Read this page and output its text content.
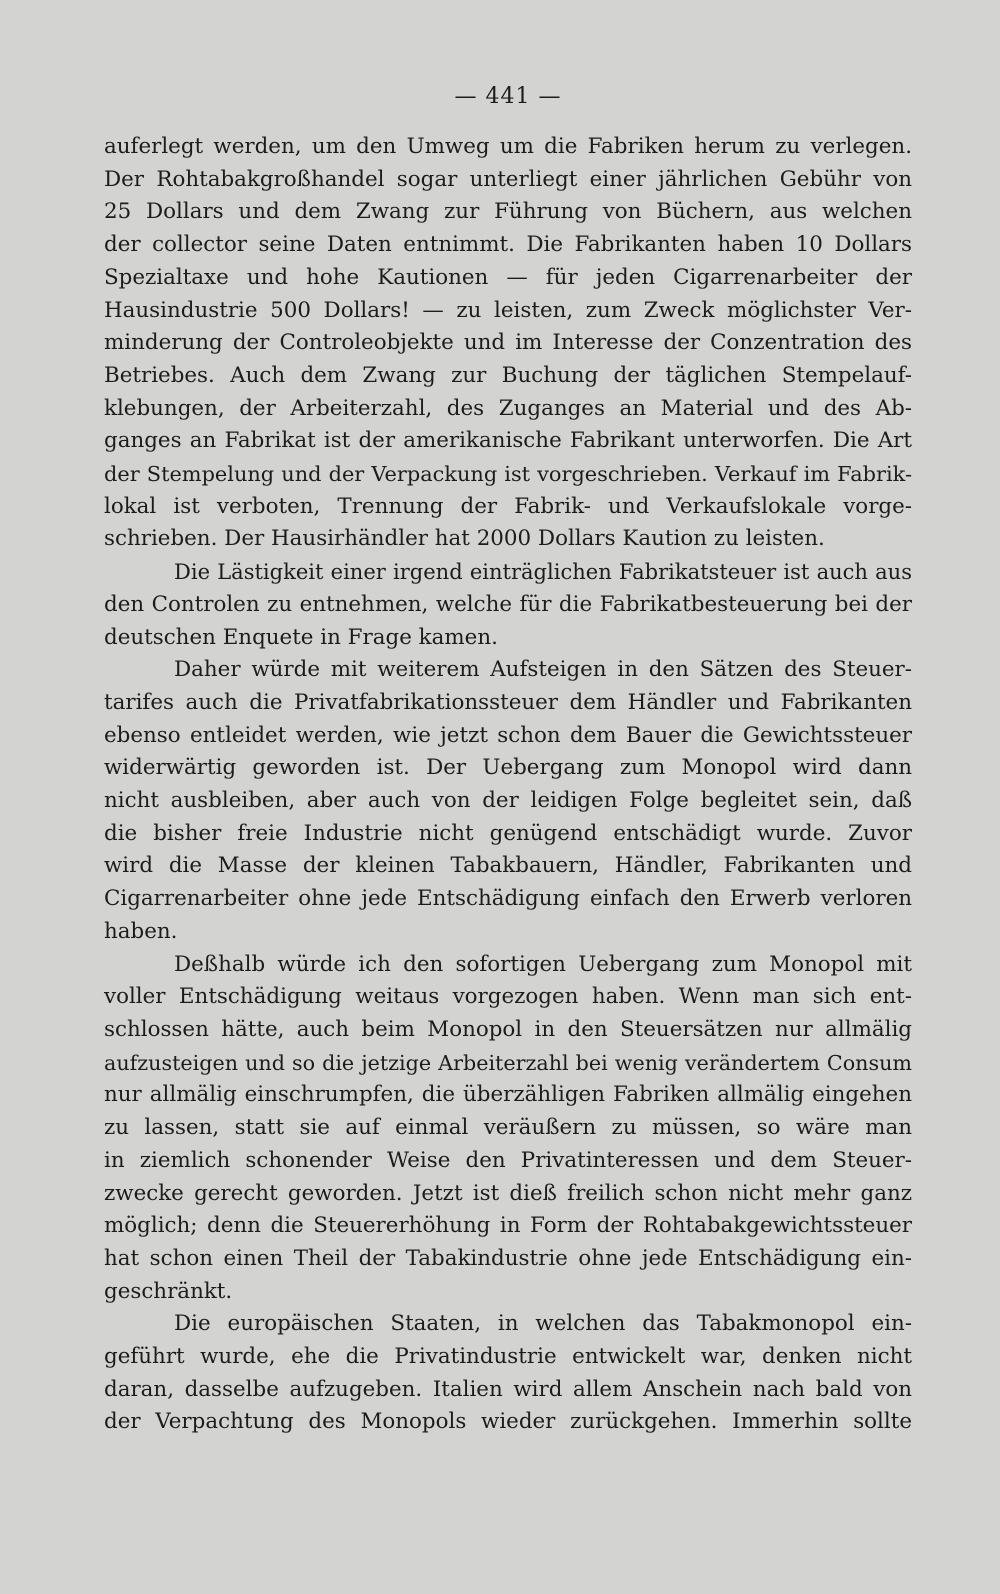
— 441 —

auferlegt werden, um den Umweg um die Fabriken herum zu verlegen.
Der Rohtabakgroßhandel sogar unterliegt einer jährlichen Gebühr von
25 Dollars und dem Zwang zur Führung von Büchern, aus welchen
der collector seine Daten entnimmt. Die Fabrikanten haben 10 Dollars
Spezialtaxe und hohe Kautionen — für jeden Cigarrenarbeiter der
Hausindustrie 500 Dollars! — zu leisten, zum Zweck möglichster Ver-
minderung der Controleobjekte und im Interesse der Conzentration des
Betriebes. Auch dem Zwang zur Buchung der täglichen Stempelauf-
klebungen, der Arbeiterzahl, des Zuganges an Material und des Ab-
ganges an Fabrikat ist der amerikanische Fabrikant unterworfen. Die Art
der Stempelung und der Verpackung ist vorgeschrieben. Verkauf im Fabrik-
lokal ist verboten, Trennung der Fabrik- und Verkaufslokale vorge-
schrieben. Der Hausirhändler hat 2000 Dollars Kaution zu leisten.

Die Lästigkeit einer irgend einträglichen Fabrikatsteuer ist auch aus
den Controlen zu entnehmen, welche für die Fabrikatbesteuerung bei der
deutschen Enquete in Frage kamen.

Daher würde mit weiterem Aufsteigen in den Sätzen des Steuer-
tarifes auch die Privatfabrikationssteuer dem Händler und Fabrikanten
ebenso entleidet werden, wie jetzt schon dem Bauer die Gewichtssteuer
widerwärtig geworden ist. Der Uebergang zum Monopol wird dann
nicht ausbleiben, aber auch von der leidigen Folge begleitet sein, daß
die bisher freie Industrie nicht genügend entschädigt wurde. Zuvor
wird die Masse der kleinen Tabakbauern, Händler, Fabrikanten und
Cigarrenarbeiter ohne jede Entschädigung einfach den Erwerb verloren
haben.

Deßhalb würde ich den sofortigen Uebergang zum Monopol mit
voller Entschädigung weitaus vorgezogen haben. Wenn man sich ent-
schlossen hätte, auch beim Monopol in den Steuersätzen nur allmälig
aufzusteigen und so die jetzige Arbeiterzahl bei wenig verändertem Consum
nur allmälig einschrumpfen, die überzähligen Fabriken allmälig eingehen
zu lassen, statt sie auf einmal veräußern zu müssen, so wäre man
in ziemlich schonender Weise den Privatinteressen und dem Steuer-
zwecke gerecht geworden. Jetzt ist dieß freilich schon nicht mehr ganz
möglich; denn die Steuererhöhung in Form der Rohtabakgewichtssteuer
hat schon einen Theil der Tabakindustrie ohne jede Entschädigung ein-
geschränkt.

Die europäischen Staaten, in welchen das Tabakmonopol ein-
geführt wurde, ehe die Privatindustrie entwickelt war, denken nicht
daran, dasselbe aufzugeben. Italien wird allem Anschein nach bald von
der Verpachtung des Monopols wieder zurückgehen. Immerhin sollte
